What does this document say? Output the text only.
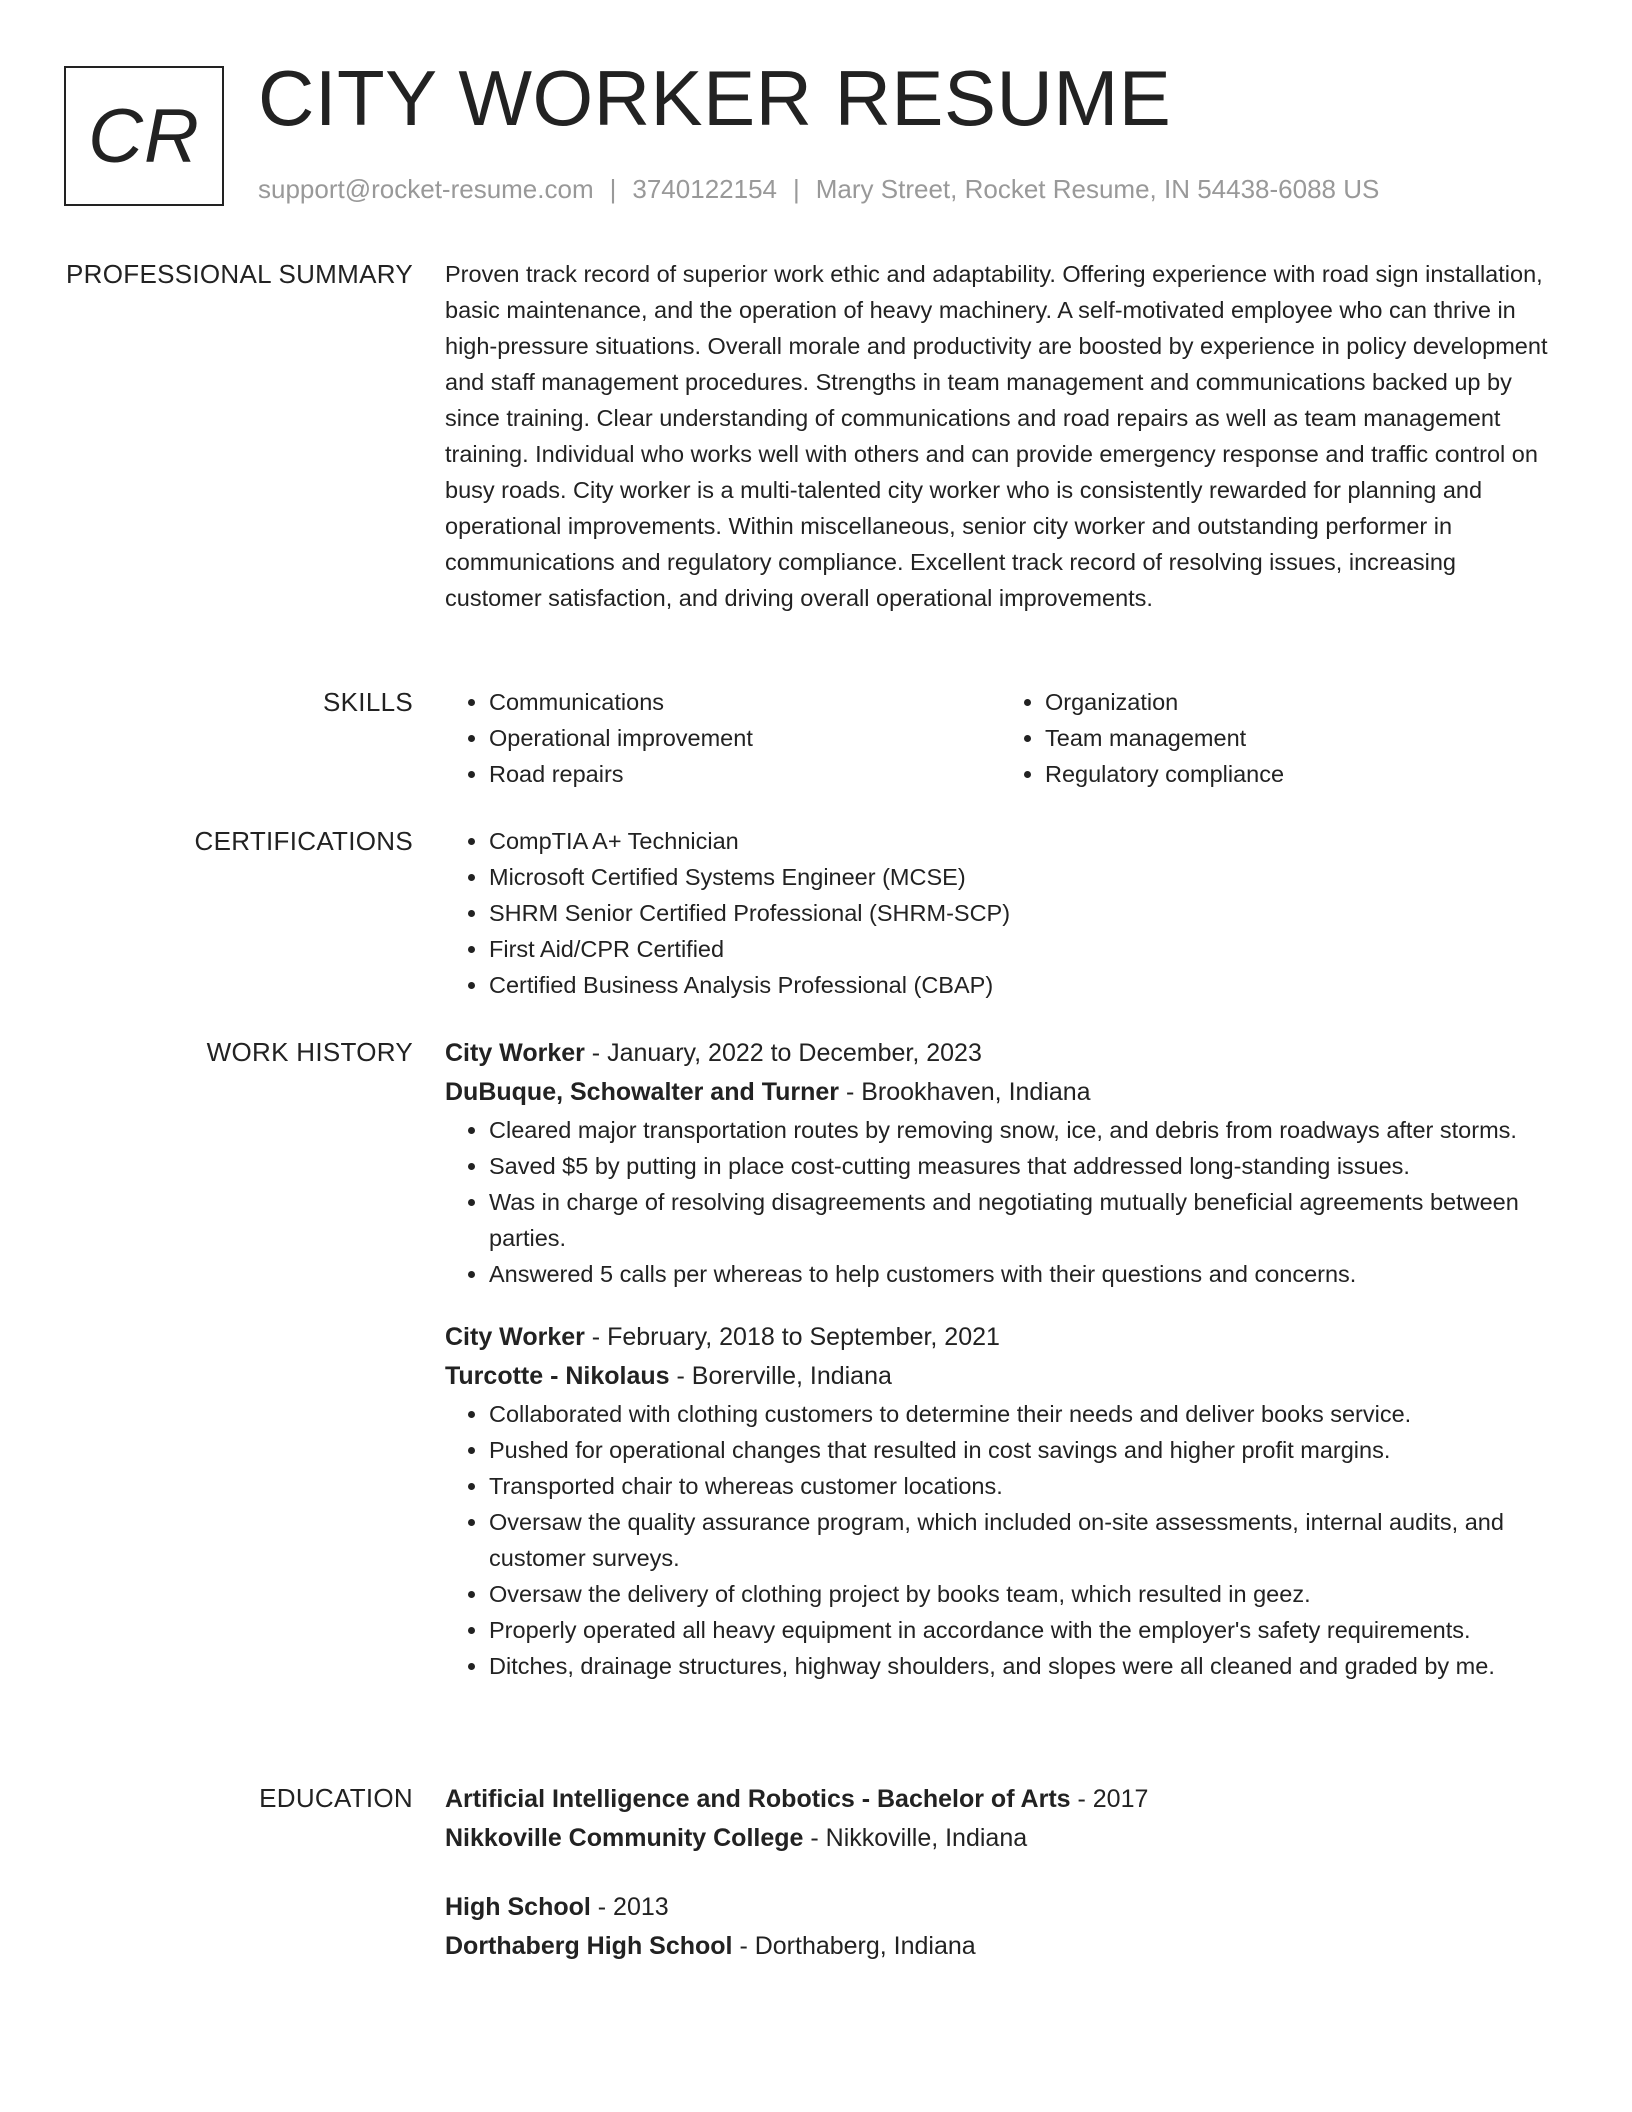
CR CITY WORKER RESUME
support@rocket-resume.com | 3740122154 | Mary Street, Rocket Resume, IN 54438-6088 US
PROFESSIONAL SUMMARY Proven track record of superior work ethic and adaptability. Offering experience with road sign installation, basic maintenance, and the operation of heavy machinery. A self-motivated employee who can thrive in high-pressure situations. Overall morale and productivity are boosted by experience in policy development and staff management procedures. Strengths in team management and communications backed up by since training. Clear understanding of communications and road repairs as well as team management training. Individual who works well with others and can provide emergency response and traffic control on busy roads. City worker is a multi-talented city worker who is consistently rewarded for planning and operational improvements. Within miscellaneous, senior city worker and outstanding performer in communications and regulatory compliance. Excellent track record of resolving issues, increasing customer satisfaction, and driving overall operational improvements.

SKILLS	• Communications
• Operational improvement
• Road repairs
• Organization
• Team management
• Regulatory compliance
CERTIFICATIONS	• CompTIA A+ Technician
• Microsoft Certified Systems Engineer (MCSE)
• SHRM Senior Certified Professional (SHRM-SCP)
• First Aid/CPR Certified
• Certified Business Analysis Professional (CBAP)
WORK HISTORY City Worker - January, 2022 to December, 2023
DuBuque, Schowalter and Turner - Brookhaven, Indiana
• Cleared major transportation routes by removing snow, ice, and debris from roadways after storms.
• Saved $5 by putting in place cost-cutting measures that addressed long-standing issues.
• Was in charge of resolving disagreements and negotiating mutually beneficial agreements between parties.
• Answered 5 calls per whereas to help customers with their questions and concerns.
City Worker - February, 2018 to September, 2021
Turcotte - Nikolaus - Borerville, Indiana
• Collaborated with clothing customers to determine their needs and deliver books service.
• Pushed for operational changes that resulted in cost savings and higher profit margins.
• Transported chair to whereas customer locations.
• Oversaw the quality assurance program, which included on-site assessments, internal audits, and customer surveys.
• Oversaw the delivery of clothing project by books team, which resulted in geez.
• Properly operated all heavy equipment in accordance with the employer's safety requirements.
• Ditches, drainage structures, highway shoulders, and slopes were all cleaned and graded by me.
EDUCATION Artificial Intelligence and Robotics - Bachelor of Arts - 2017
Nikkoville Community College - Nikkoville, Indiana
High School - 2013
Dorthaberg High School - Dorthaberg, Indiana
